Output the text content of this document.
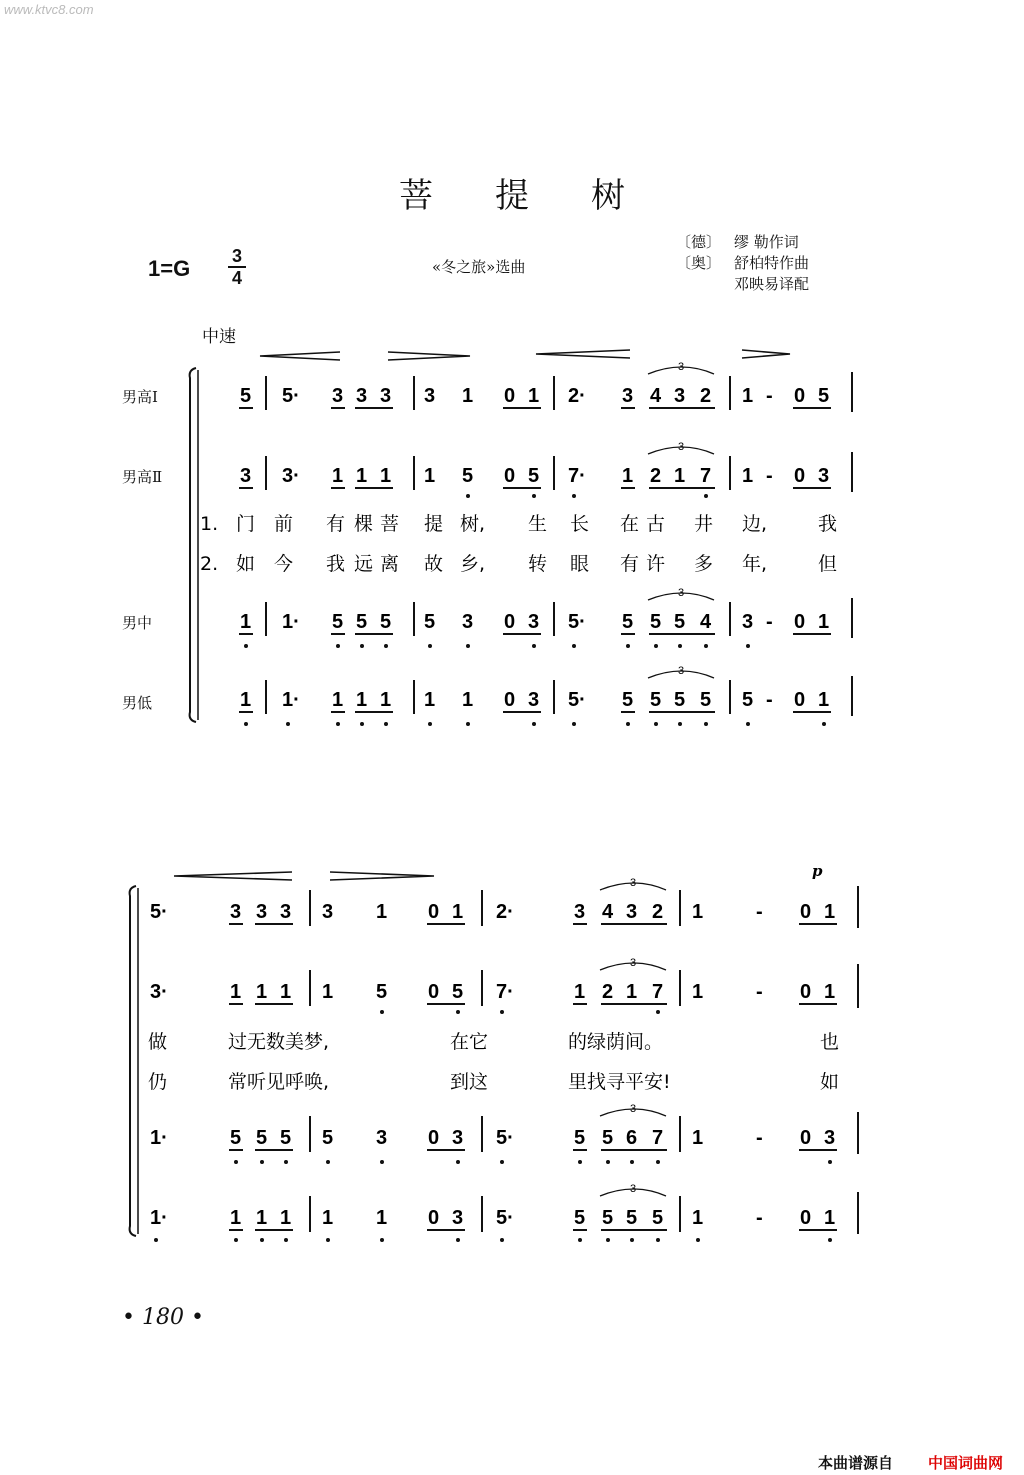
www.ktvc8.com
菩提树
1=G 3
4
«冬之旅»选曲
〔德〕 缪 勒作词
〔奥〕 舒柏特作曲
邓映易译配
中速
男高Ⅰ
男高Ⅱ
男中
男低
5 5· 3 3 3 3 1 0 1 2· 3 4 3 2
3
1 - 0 5
3 3· 1 1 1 1 5 0 5 7· 1 2 1 7
3
1 - 0 3
1. 门 前 有 棵 菩 提 树, 生 长 在 古 井 边,	我
2. 如 今 我 远 离 故 乡, 转 眼 有 许 多 年,	但
1 1· 5 5 5 5 3 0 3 5· 5 5 5 4
3
3 - 0 1
1 1· 1 1 1 1 1 0 3 5· 5 5 5 5
3
5 - 0 1
5·	3 3 3 3 1 0 1 2·	3 4 3 2
3
1	- 0 1
p
3·	1 1 1 1 5 0 5 7·	1 2 1 7
3
1	- 0 1
做	过无数美梦,	在它	的绿荫间。	也
仍	常听见呼唤,	到这	里找寻平安!	如
1·	5 5 5 5 3 0 3 5·	5 5 6 7
3
1	- 0 3
1·	1 1 1 1 1 0 3 5·	5 5 5 5
3
1	- 0 1
• 180 •
本曲谱源自 中国词曲网
